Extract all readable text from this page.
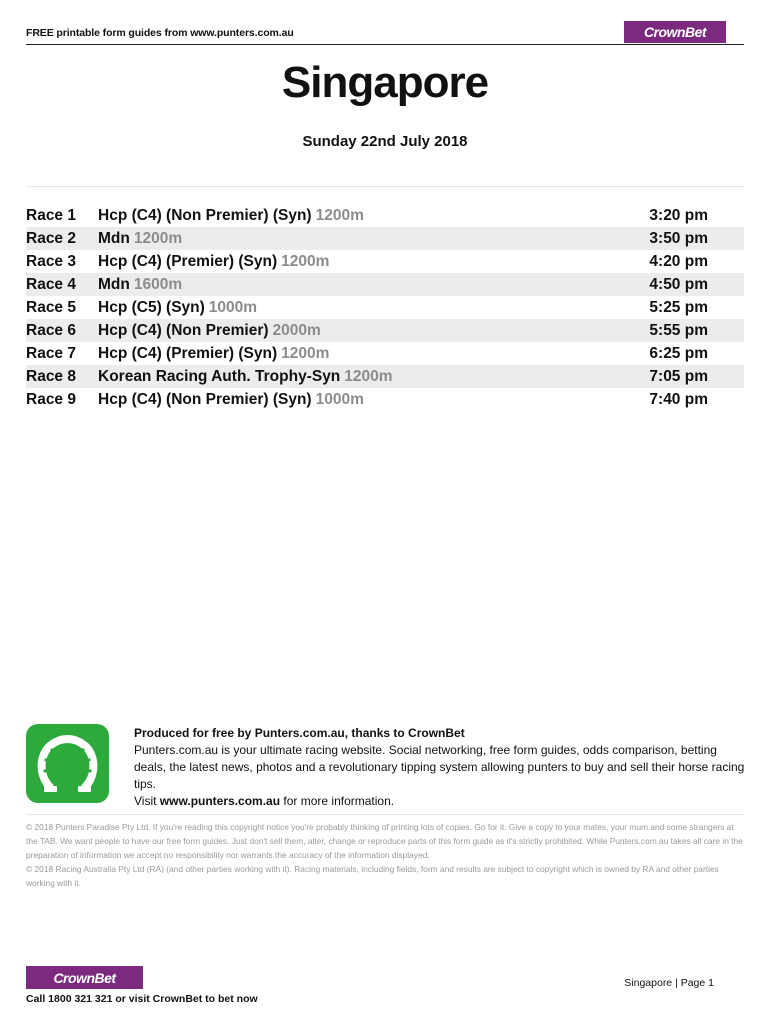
FREE printable form guides from www.punters.com.au	CrownBet
Singapore
Sunday 22nd July 2018
Race 1 Hcp (C4) (Non Premier) (Syn) 1200m	3:20 pm
Race 2 Mdn 1200m	3:50 pm
Race 3 Hcp (C4) (Premier) (Syn) 1200m	4:20 pm
Race 4 Mdn 1600m	4:50 pm
Race 5 Hcp (C5) (Syn) 1000m	5:25 pm
Race 6 Hcp (C4) (Non Premier) 2000m	5:55 pm
Race 7 Hcp (C4) (Premier) (Syn) 1200m	6:25 pm
Race 8 Korean Racing Auth. Trophy-Syn 1200m	7:05 pm
Race 9 Hcp (C4) (Non Premier) (Syn) 1000m	7:40 pm
Produced for free by Punters.com.au, thanks to CrownBet
Punters.com.au is your ultimate racing website. Social networking, free form guides, odds comparison, betting deals, the latest news, photos and a revolutionary tipping system allowing punters to buy and sell their horse racing tips.
Visit www.punters.com.au for more information.
© 2018 Punters Paradise Pty Ltd. If you're reading this copyright notice you're probably thinking of printing lots of copies. Go for it. Give a copy to your mates, your mum and some strangers at the TAB. We want people to have our free form guides. Just don't sell them, alter, change or reproduce parts of this form guide as it's strictly prohibited. While Punters.com.au takes all care in the preparation of information we accept no responsibility nor warrants the accuracy of the information displayed.
© 2018 Racing Australia Pty Ltd (RA) (and other parties working with it). Racing materials, including fields, form and results are subject to copyright which is owned by RA and other parties working with it.
CrownBet	Singapore | Page 1
Call 1800 321 321 or visit CrownBet to bet now
